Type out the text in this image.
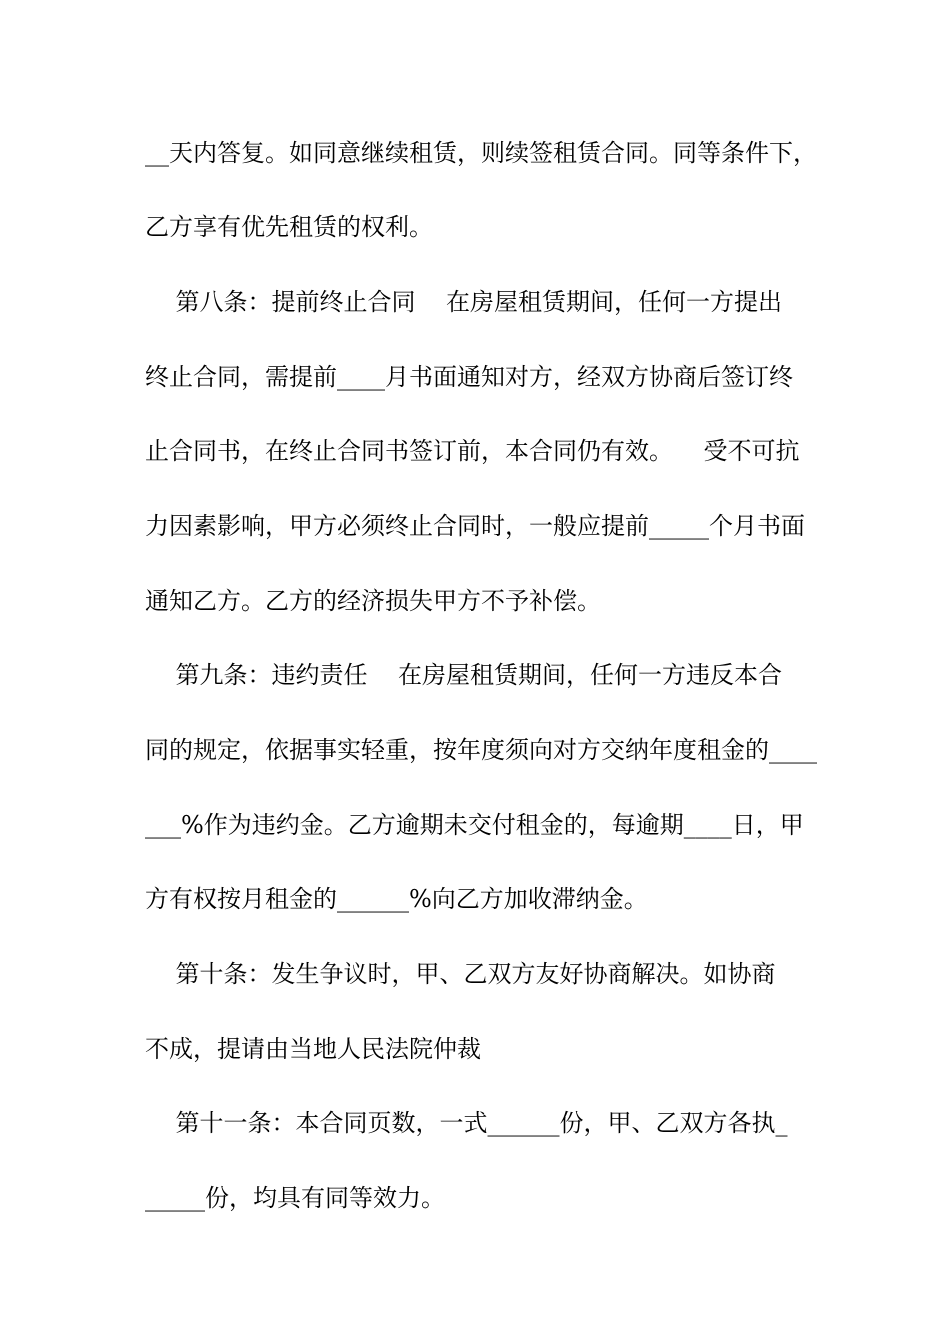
__天内答复。如同意继续租赁，则续签租赁合同。同等条件下，
乙方享有优先租赁的权利。
第八条：提前终止合同    在房屋租赁期间，任何一方提出
终止合同，需提前____月书面通知对方，经双方协商后签订终
止合同书，在终止合同书签订前，本合同仍有效。    受不可抗
力因素影响，甲方必须终止合同时，一般应提前_____个月书面
通知乙方。乙方的经济损失甲方不予补偿。
第九条：违约责任    在房屋租赁期间，任何一方违反本合
同的规定，依据事实轻重，按年度须向对方交纳年度租金的____
___%作为违约金。乙方逾期未交付租金的，每逾期____日，甲
方有权按月租金的______%向乙方加收滞纳金。
第十条：发生争议时，甲、乙双方友好协商解决。如协商
不成，提请由当地人民法院仲裁
第十一条：本合同页数，一式______份，甲、乙双方各执_
_____份，均具有同等效力。
